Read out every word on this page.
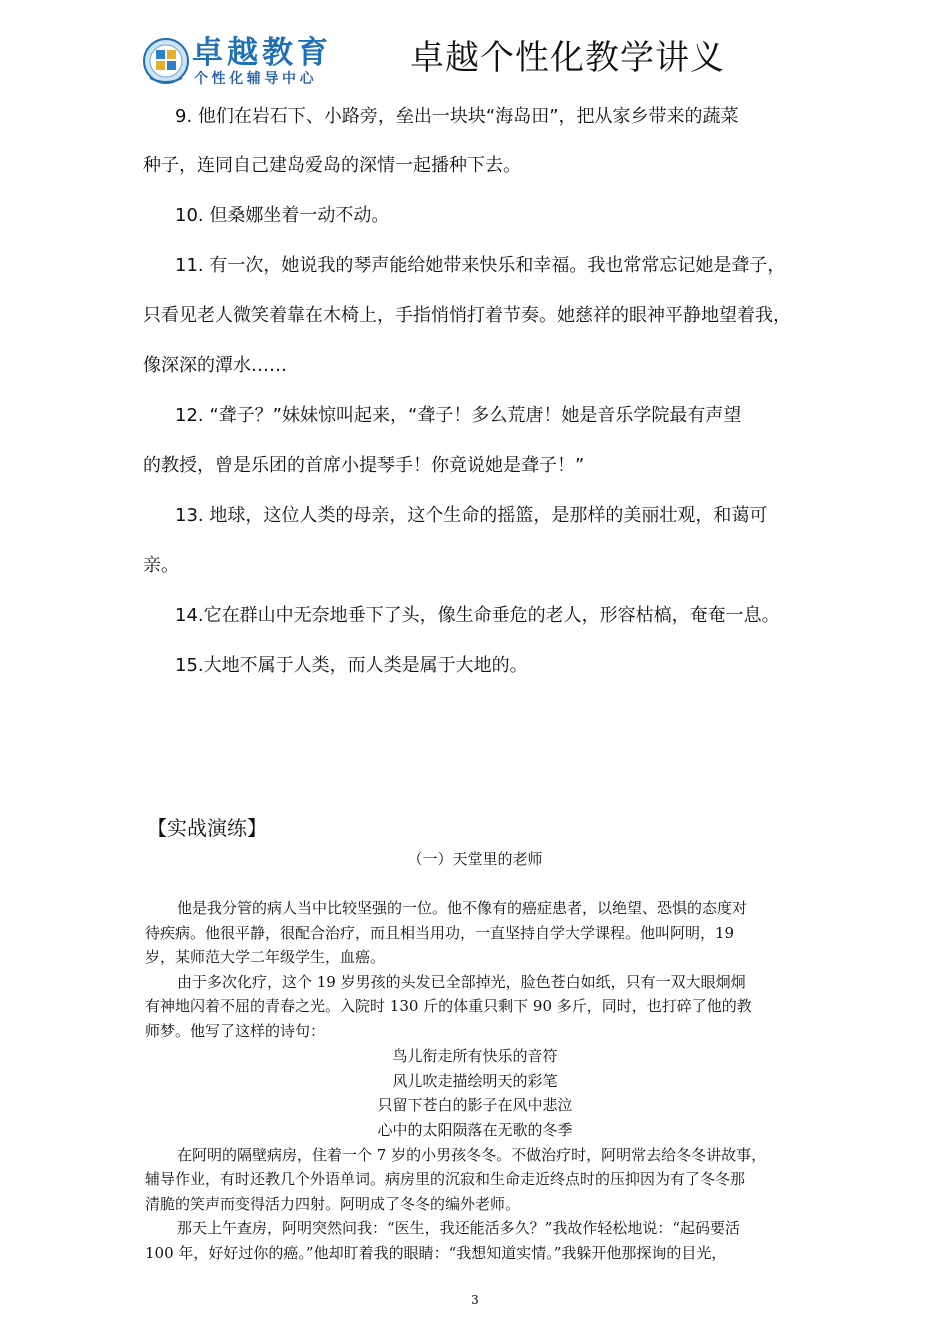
卓越教育
个性化辅导中心
卓越个性化教学讲义
9. 他们在岩石下、小路旁，垒出一块块“海岛田”，把从家乡带来的蔬菜
种子，连同自己建岛爱岛的深情一起播种下去。
10. 但桑娜坐着一动不动。
11. 有一次，她说我的琴声能给她带来快乐和幸福。我也常常忘记她是聋子，
只看见老人微笑着靠在木椅上，手指悄悄打着节奏。她慈祥的眼神平静地望着我，
像深深的潭水……
12. “聋子？”妹妹惊叫起来，“聋子！多么荒唐！她是音乐学院最有声望
的教授，曾是乐团的首席小提琴手！你竟说她是聋子！”
13. 地球，这位人类的母亲，这个生命的摇篮，是那样的美丽壮观，和蔼可
亲。
14.它在群山中无奈地垂下了头，像生命垂危的老人，形容枯槁，奄奄一息。
15.大地不属于人类，而人类是属于大地的。
【实战演练】
（一）天堂里的老师
他是我分管的病人当中比较坚强的一位。他不像有的癌症患者，以绝望、恐惧的态度对
待疾病。他很平静，很配合治疗，而且相当用功，一直坚持自学大学课程。他叫阿明，19
岁，某师范大学二年级学生，血癌。
由于多次化疗，这个 19 岁男孩的头发已全部掉光，脸色苍白如纸，只有一双大眼炯炯
有神地闪着不屈的青春之光。入院时 130 斤的体重只剩下 90 多斤，同时，也打碎了他的教
师梦。他写了这样的诗句：
鸟儿衔走所有快乐的音符
风儿吹走描绘明天的彩笔
只留下苍白的影子在风中悲泣
心中的太阳陨落在无歌的冬季
在阿明的隔壁病房，住着一个 7 岁的小男孩冬冬。不做治疗时，阿明常去给冬冬讲故事，
辅导作业，有时还教几个外语单词。病房里的沉寂和生命走近终点时的压抑因为有了冬冬那
清脆的笑声而变得活力四射。阿明成了冬冬的编外老师。
那天上午查房，阿明突然问我：“医生，我还能活多久？”我故作轻松地说：“起码要活
100 年，好好过你的癌。”他却盯着我的眼睛：“我想知道实情。”我躲开他那探询的目光，
3
